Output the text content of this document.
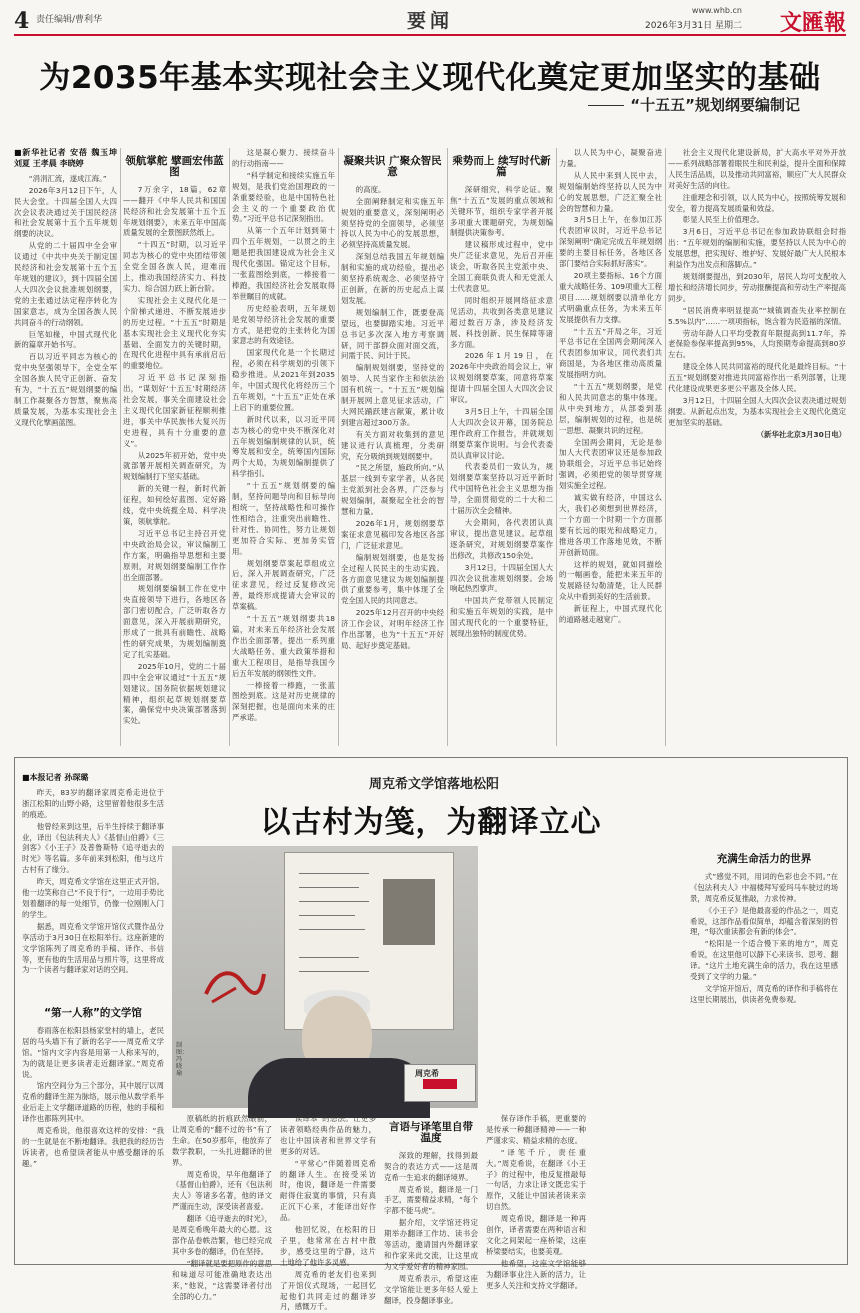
4 责任编辑/曹利华	要闻	www.whb.cn
2026年3月31日 星期二 文匯報
为2035年基本实现社会主义现代化奠定更加坚实的基础
“十五五”规划纲要编制记
■新华社记者 安蓓 魏玉坤 刘夏 王孝晨 李晓婷

“涓涓汇流，遂成江海。”

2026年3月12日下午，人民大会堂。十四届全国人大四次会议表决通过关于国民经济和社会发展第十五个五年规划纲要的决议。

从党的二十届四中全会审议通过《中共中央关于制定国民经济和社会发展第十五个五年规划的建议》，到十四届全国人大四次会议批准规划纲要，党的主张通过法定程序转化为国家意志，成为全国各族人民共同奋斗的行动纲领。

巨笔如椽，中国式现代化新的篇章开始书写。

百以习近平同志为核心的党中央坚强领导下，全党全军全国各族人民守正创新、奋发有为，“十五五”规划纲要的编制工作凝聚各方智慧，聚焦高质量发展，为基本实现社会主义现代化擘画蓝图。

领航掌舵 擘画宏伟蓝图

7万余字，18篇，62章——翻开《中华人民共和国国民经济和社会发展第十五个五年规划纲要》，未来五年中国高质量发展的全景图跃然纸上。

“十四五”时期，以习近平同志为核心的党中央团结带领全党全国各族人民，迎难而上，推动我国经济实力、科技实力、综合国力跃上新台阶。

实现社会主义现代化是一个阶梯式递进、不断发展进步的历史过程。“十五五”时期是基本实现社会主义现代化夯实基础、全面发力的关键时期，在现代化进程中具有承前启后的重要地位。

习近平总书记深刻指出，“谋划好‘十五五’时期经济社会发展，事关全面建设社会主义现代化国家新征程顺利推进，事关中华民族伟大复兴历史进程，具有十分重要的意义”。

从2025年初开始，党中央就部署开展相关调查研究，为规划编制打下坚实基础。

新的关键一程，新时代新征程，如何绘好蓝图、定好路线，党中央统揽全局、科学决策，领航掌舵。

习近平总书记主持召开党中央政治局会议，审议编制工作方案，明确指导思想和主要原则，对规划纲要编制工作作出全面部署。

规划纲要编制工作在党中央直接领导下进行，各地区各部门密切配合，广泛听取各方面意见，深入开展前期研究，形成了一批具有前瞻性、战略性的研究成果，为规划编制奠定了扎实基础。

2025年10月，党的二十届四中全会审议通过“十五五”规划建议。国务院依据规划建议精神，组织起草规划纲要草案，确保党中央决策部署落到实处。

这是凝心聚力、接续奋斗的行动指南——

“科学制定和接续实施五年规划，是我们党治国理政的一条重要经验，也是中国特色社会主义的一个重要政治优势。”习近平总书记深刻指出。

从第一个五年计划到第十四个五年规划，一以贯之的主题是把我国建设成为社会主义现代化强国。锚定这个目标，一张蓝图绘到底，一棒接着一棒跑，我国经济社会发展取得举世瞩目的成就。

历史经验表明，五年规划是党领导经济社会发展的重要方式，是把党的主张转化为国家意志的有效途径。

国家现代化是一个长期过程，必须在科学规划的引领下稳步推进。从2021年到2035年，中国式现代化将经历三个五年规划，“十五五”正处在承上启下的重要位置。

新时代以来，以习近平同志为核心的党中央不断深化对五年规划编制规律的认识，统筹发展和安全，统筹国内国际两个大局，为规划编制提供了科学指引。

“十五五”规划纲要的编制，坚持问题导向和目标导向相统一，坚持战略性和可操作性相结合，注重突出前瞻性、针对性、协同性，努力让规划更加符合实际、更加务实管用。

规划纲要草案起草组成立后，深入开展调查研究，广泛征求意见，经过反复修改完善，最终形成提请大会审议的草案稿。

“十五五”规划纲要共18篇，对未来五年经济社会发展作出全面部署，提出一系列重大战略任务、重大政策举措和重大工程项目，是指导我国今后五年发展的纲领性文件。

一棒接着一棒跑，一张蓝图绘到底。这是对历史规律的深刻把握，也是面向未来的庄严承诺。

凝聚共识 广聚众智民意

的高度。

全面阐释制定和实施五年规划的重要意义，深刻阐明必须坚持党的全面领导，必须坚持以人民为中心的发展思想，必须坚持高质量发展。

深刻总结我国五年规划编制和实施的成功经验，提出必须坚持系统观念、必须坚持守正创新，在新的历史起点上谋划发展。

规划编制工作，既要登高望远，也要脚踏实地。习近平总书记多次深入地方考察调研，同干部群众面对面交流，问需于民、问计于民。

编制规划纲要，坚持党的领导、人民当家作主和依法治国有机统一。“十五五”规划编制开展网上意见征求活动，广大网民踊跃建言献策，累计收到建言超过300万条。

有关方面对收集到的意见建议进行认真梳理，分类研究，充分吸纳到规划纲要中。

“民之所望，施政所向。”从基层一线到专家学者，从各民主党派到社会各界，广泛参与规划编制，凝聚起全社会的智慧和力量。

2026年1月，规划纲要草案征求意见稿印发各地区各部门，广泛征求意见。

编制规划纲要，也是发扬全过程人民民主的生动实践。各方面意见建议为规划编制提供了重要参考，集中体现了全党全国人民的共同意志。

2025年12月召开的中央经济工作会议，对明年经济工作作出部署，也为“十五五”开好局、起好步奠定基础。

乘势而上 续写时代新篇

深研细究，科学论证。聚焦“十五五”发展的重点领域和关键环节，组织专家学者开展多项重大课题研究，为规划编制提供决策参考。

建议稿形成过程中，党中央广泛征求意见，先后召开座谈会，听取各民主党派中央、全国工商联负责人和无党派人士代表意见。

同时组织开展网络征求意见活动，共收到各类意见建议超过数百万条，涉及经济发展、科技创新、民生保障等诸多方面。

2026年1月19日，在2026年中央政治局会议上，审议规划纲要草案，同意将草案提请十四届全国人大四次会议审议。

3月5日上午，十四届全国人大四次会议开幕，国务院总理作政府工作报告，并就规划纲要草案作说明。与会代表委员认真审议讨论。

代表委员们一致认为，规划纲要草案坚持以习近平新时代中国特色社会主义思想为指导，全面贯彻党的二十大和二十届历次全会精神。

大会期间，各代表团认真审议，提出意见建议。起草组逐条研究，对规划纲要草案作出修改，共修改150余处。

3月12日，十四届全国人大四次会议批准规划纲要。会场响起热烈掌声。

中国共产党带领人民制定和实施五年规划的实践，是中国式现代化的一个重要特征，展现出独特的制度优势。

以人民为中心，凝聚奋进力量。

从人民中来到人民中去，规划编制始终坚持以人民为中心的发展思想，广泛汇聚全社会的智慧和力量。

3月5日上午，在参加江苏代表团审议时，习近平总书记深刻阐明“确定完成五年规划纲要的主要目标任务，各地区各部门要结合实际抓好落实”。

20项主要指标、16个方面重大战略任务、109项重大工程项目……规划纲要以清单化方式明确重点任务，为未来五年发展提供有力支撑。

“十五五”开局之年，习近平总书记在全国两会期间深入代表团参加审议，同代表们共商国是，为各地区推动高质量发展指明方向。

“十五五”规划纲要，是党和人民共同意志的集中体现。从中央到地方，从部委到基层，编制规划的过程，也是统一思想、凝聚共识的过程。

全国两会期间，无论是参加人大代表团审议还是参加政协联组会，习近平总书记始终强调，必须把党的领导贯穿规划实施全过程。

诚实做有经济，中国这么大，我们必须想到世界经济，一个方面一个时期一个方面都要有长远的眼光和战略定力，推进各项工作落地见效，不断开创新局面。

这样的规划，就如同描绘的一幅画卷，能把未来五年的发展路径勾勒清楚，让人民群众从中看到美好的生活前景。

新征程上，中国式现代化的道路越走越宽广。

社会主义现代化建设新局，扩大高水平对外开放——系列战略部署着眼民生和民利益，提升全面和保障人民生活品质，以及推动共同富裕，顺应广大人民群众对美好生活的向往。

注重理念和引领，以人民为中心，按照统筹发展和安全，着力提高发展质量和效益。

彰显人民至上价值理念。

3月6日，习近平总书记在参加政协联组会时指出：“五年规划的编制和实施，要坚持以人民为中心的发展思想，把实现好、维护好、发展好最广大人民根本利益作为出发点和落脚点。”

规划纲要提出，到2030年，居民人均可支配收入增长和经济增长同步，劳动报酬提高和劳动生产率提高同步。

“居民消费率明显提高”“城镇调查失业率控制在5.5%以内”……一项项指标，饱含着为民造福的深情。

劳动年龄人口平均受教育年限提高到11.7年，养老保险参保率提高到95%，人均预期寿命提高到80岁左右。

建设全体人民共同富裕的现代化是最终目标。“十五五”规划纲要对推进共同富裕作出一系列部署，让现代化建设成果更多更公平惠及全体人民。

3月12日，十四届全国人大四次会议表决通过规划纲要。从新起点出发，为基本实现社会主义现代化奠定更加坚实的基础。

（新华社北京3月30日电）

周克希文学馆落地松阳
以古村为笺，为翻译立心
周克希
制图：冯晓瑜
■本报记者 孙琛璐

昨天，83岁的翻译家周克希走进位于浙江松阳的山野小路，这里留着他很多生活的痕迹。

他曾经来到这里，后半生持续于翻译事业，译出《包法利夫人》《基督山伯爵》《三剑客》《小王子》及普鲁斯特《追寻逝去的时光》等名篇。多年前来到松阳，他与这片古村有了缘分。

昨天，周克希文学馆在这里正式开馆。他一边笑称自己“不良于行”，一边用手势比划着翻译的每一处细节，仍像一位刚刚入门的学生。

据悉，周克希文学馆开馆仪式暨作品分享活动于3月30日在松阳举行。这座新建的文学馆陈列了周克希的手稿、译作、书信等，更有他的生活用品与照片等，这里将成为一个读者与翻译家对话的空间。

“第一人称”的文学馆

春雨落在松阳县杨家堂村的墙上，老民居的马头墙下有了新的名字——周克希文学馆。“馆内文字内容是用第一人称来写的，为的就是让更多读者走近翻译家。”周克希说。

馆内空间分为三个部分，其中展厅以周克希的翻译生涯为脉络，展示他从数学系毕业后走上文学翻译道路的历程，他的手稿和译作也都陈列其中。

周克希说，他很喜欢这样的安排：“我的一生就是在不断地翻译。我把我的经历告诉读者，也希望读者能从中感受翻译的乐趣。”

原稿纸的折痕跃然眼前，让周克希的“翻不过的书”有了生命。在50岁那年，他放弃了数学教职，一头扎进翻译的世界。

周克希说，早年他翻译了《基督山伯爵》，还有《包法利夫人》等诸多名著，他的译文严谨而生动，深受读者喜爱。

翻译《追寻逝去的时光》，是周克希晚年最大的心愿。这部作品卷帙浩繁，他已经完成其中多卷的翻译，仍在坚持。

“翻译就是要把原作的意思和味道尽可能准确地表达出来，”他说，“这需要译者付出全部的心力。”

读译本”的想法。让更多读者领略经典作品的魅力，也让中国读者和世界文学有更多的对话。

“平常心”伴随着周克希的翻译人生。在接受采访时，他说，翻译是一件需要耐得住寂寞的事情，只有真正沉下心来，才能译出好作品。

他回忆说，在松阳的日子里，他常常在古村中散步，感受这里的宁静，这片土地给了他许多灵感。

周克希的老友们也来到了开馆仪式现场，一起回忆起他们共同走过的翻译岁月，感慨万千。

言语与译笔里自带温度

深致的理解，找得到最契合的表达方式——这是周克希一生追求的翻译境界。

周克希说，翻译是一门手艺，需要精益求精，“每个字都不能马虎”。

据介绍，文学馆还将定期举办翻译工作坊、读书会等活动，邀请国内外翻译家和作家来此交流，让这里成为文学爱好者的精神家园。

周克希表示，希望这座文学馆能让更多年轻人爱上翻译，投身翻译事业。

保存译作手稿，更重要的是传承一种翻译精神——一种严谨求实、精益求精的态度。

“译笔千斤，责任重大。”周克希说，在翻译《小王子》的过程中，他反复推敲每一句话，力求让译文既忠实于原作，又能让中国读者读来亲切自然。

周克希说，翻译是一种再创作，译者需要在两种语言和文化之间架起一座桥梁，这座桥梁要结实，也要美观。

他希望，这座文学馆能够为翻译事业注入新的活力，让更多人关注和支持文学翻译。

充满生命活力的世界

式”感觉不同，用词的色彩也会不同。”在《包法利夫人》中福楼拜写爱玛马车驶过的场景，周克希反复推敲，力求传神。

《小王子》是他最喜爱的作品之一，周克希说，这部作品看似简单，却蕴含着深刻的哲理，“每次重读都会有新的体会”。

“松阳是一个适合慢下来的地方”，周克希说，在这里他可以静下心来读书、思考、翻译。“这片土地充满生命的活力，我在这里感受到了文学的力量。”

文学馆开馆后，周克希的译作和手稿将在这里长期展出，供读者免费参观。
